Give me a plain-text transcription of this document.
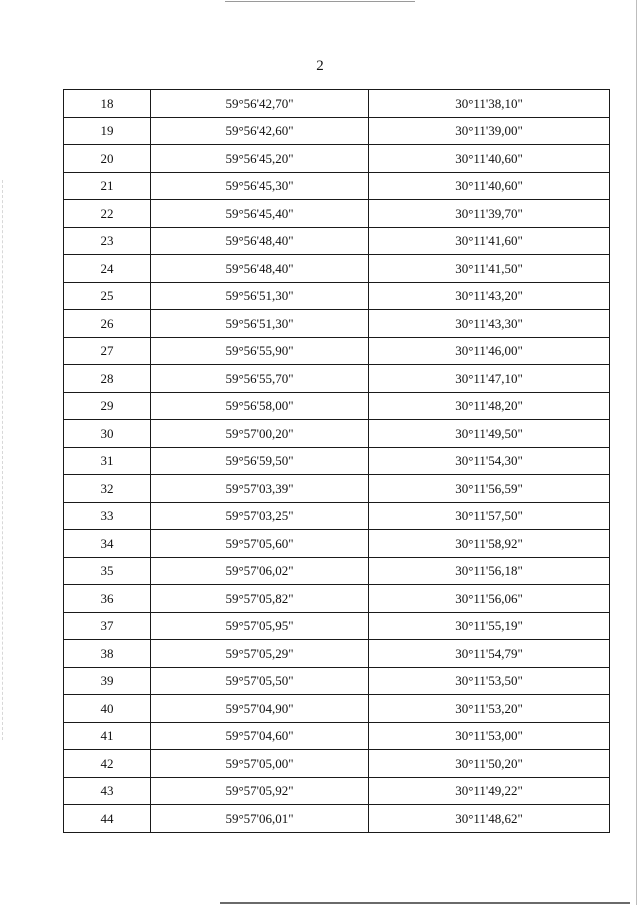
2
18	59°56'42,70"	30°11'38,10"
19	59°56'42,60"	30°11'39,00"
20	59°56'45,20"	30°11'40,60"
21	59°56'45,30"	30°11'40,60"
22	59°56'45,40"	30°11'39,70"
23	59°56'48,40"	30°11'41,60"
24	59°56'48,40"	30°11'41,50"
25	59°56'51,30"	30°11'43,20"
26	59°56'51,30"	30°11'43,30"
27	59°56'55,90"	30°11'46,00"
28	59°56'55,70"	30°11'47,10"
29	59°56'58,00"	30°11'48,20"
30	59°57'00,20"	30°11'49,50"
31	59°56'59,50"	30°11'54,30"
32	59°57'03,39"	30°11'56,59"
33	59°57'03,25"	30°11'57,50"
34	59°57'05,60"	30°11'58,92"
35	59°57'06,02"	30°11'56,18"
36	59°57'05,82"	30°11'56,06"
37	59°57'05,95"	30°11'55,19"
38	59°57'05,29"	30°11'54,79"
39	59°57'05,50"	30°11'53,50"
40	59°57'04,90"	30°11'53,20"
41	59°57'04,60"	30°11'53,00"
42	59°57'05,00"	30°11'50,20"
43	59°57'05,92"	30°11'49,22"
44	59°57'06,01"	30°11'48,62"
